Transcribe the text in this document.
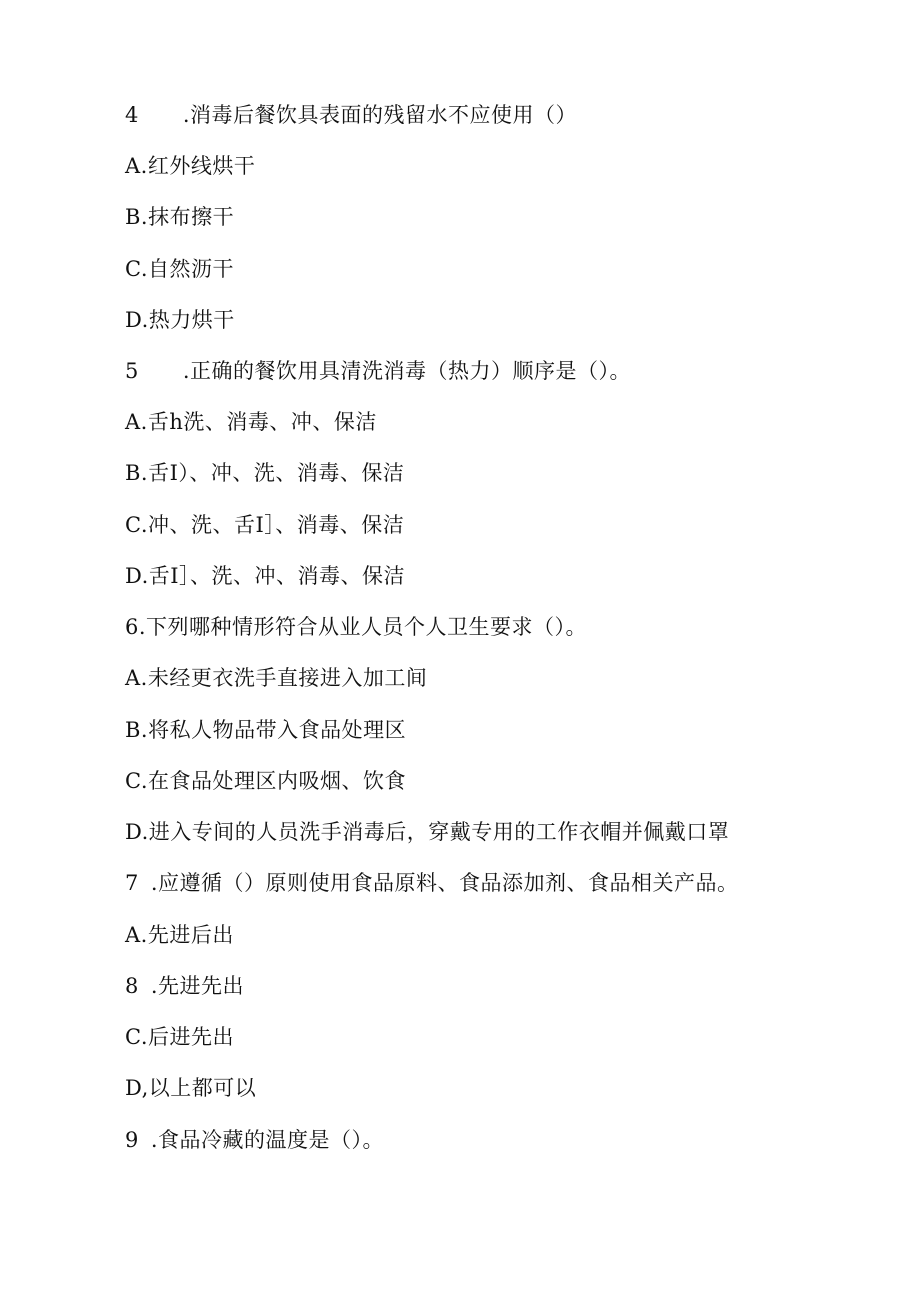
4 .消毒后餐饮具表面的残留水不应使用（）
A.红外线烘干
B.抹布擦干
C.自然沥干
D.热力烘干
5 .正确的餐饮用具清洗消毒（热力）顺序是（）。
A.舌h洗、消毒、冲、保洁
B.舌I）、冲、洗、消毒、保洁
C.冲、洗、舌I］、消毒、保洁
D.舌I］、洗、冲、消毒、保洁
6.下列哪种情形符合从业人员个人卫生要求（）。
A.未经更衣洗手直接进入加工间
B.将私人物品带入食品处理区
C.在食品处理区内吸烟、饮食
D.进入专间的人员洗手消毒后，穿戴专用的工作衣帽并佩戴口罩
7 .应遵循（）原则使用食品原料、食品添加剂、食品相关产品。
A.先进后出
8 .先进先出
C.后进先出
D,以上都可以
9 .食品冷藏的温度是（）。
